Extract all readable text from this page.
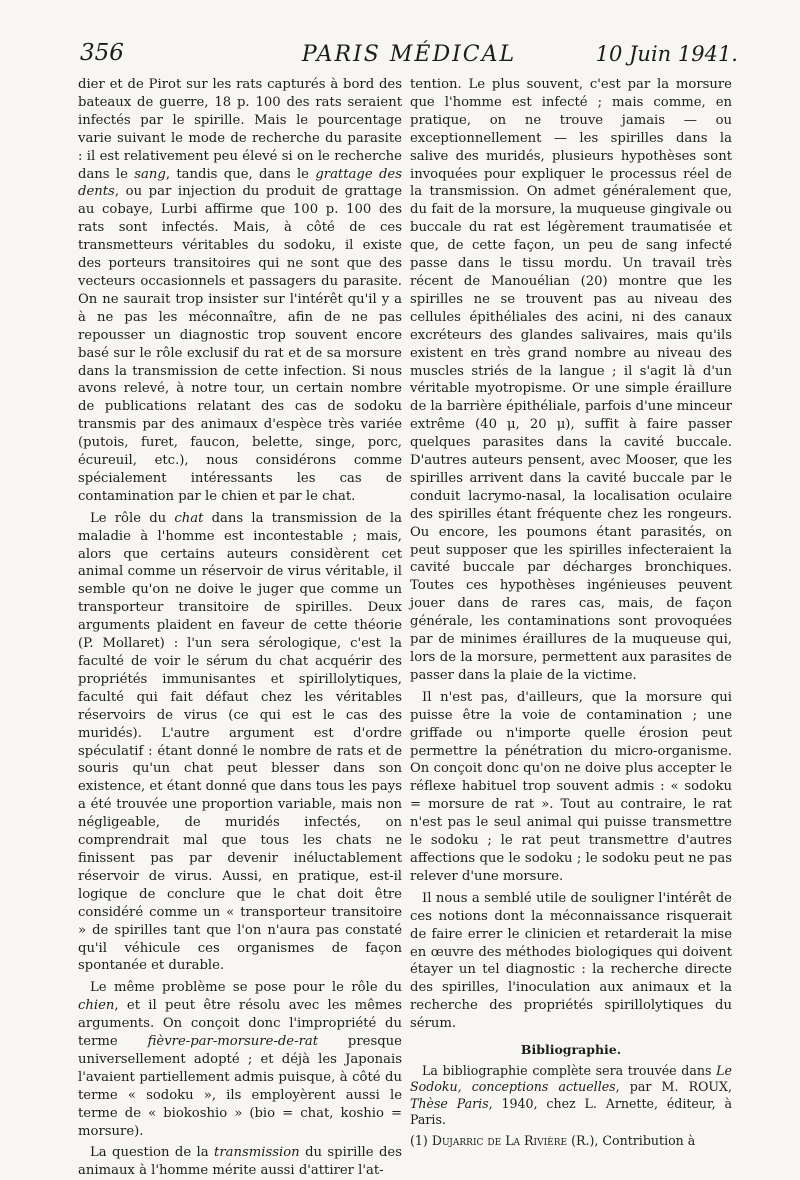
356	PARIS MÉDICAL	10 Juin 1941.

dier et de Pirot sur les rats capturés à bord des bateaux de guerre, 18 p. 100 des rats seraient infectés par le spirille. Mais le pourcentage varie suivant le mode de recherche du parasite : il est relativement peu élevé si on le recherche dans le sang, tandis que, dans le grattage des dents, ou par injection du produit de grattage au cobaye, Lurbi affirme que 100 p. 100 des rats sont infectés. Mais, à côté de ces transmetteurs véritables du sodoku, il existe des porteurs transitoires qui ne sont que des vecteurs occasionnels et passagers du parasite. On ne saurait trop insister sur l'intérêt qu'il y a à ne pas les méconnaître, afin de ne pas repousser un diagnostic trop souvent encore basé sur le rôle exclusif du rat et de sa morsure dans la transmission de cette infection. Si nous avons relevé, à notre tour, un certain nombre de publications relatant des cas de sodoku transmis par des animaux d'espèce très variée (putois, furet, faucon, belette, singe, porc, écureuil, etc.), nous considérons comme spécialement intéressants les cas de contamination par le chien et par le chat.

Le rôle du chat dans la transmission de la maladie à l'homme est incontestable ; mais, alors que certains auteurs considèrent cet animal comme un réservoir de virus véritable, il semble qu'on ne doive le juger que comme un transporteur transitoire de spirilles. Deux arguments plaident en faveur de cette théorie (P. Mollaret) : l'un sera sérologique, c'est la faculté de voir le sérum du chat acquérir des propriétés immunisantes et spirillolytiques, faculté qui fait défaut chez les véritables réservoirs de virus (ce qui est le cas des muridés). L'autre argument est d'ordre spéculatif : étant donné le nombre de rats et de souris qu'un chat peut blesser dans son existence, et étant donné que dans tous les pays a été trouvée une proportion variable, mais non négligeable, de muridés infectés, on comprendrait mal que tous les chats ne finissent pas par devenir inéluctablement réservoir de virus. Aussi, en pratique, est-il logique de conclure que le chat doit être considéré comme un « transporteur transitoire » de spirilles tant que l'on n'aura pas constaté qu'il véhicule ces organismes de façon spontanée et durable.

Le même problème se pose pour le rôle du chien, et il peut être résolu avec les mêmes arguments. On conçoit donc l'impropriété du terme fièvre-par-morsure-de-rat presque universellement adopté ; et déjà les Japonais l'avaient partiellement admis puisque, à côté du terme « sodoku », ils employèrent aussi le terme de « biokoshio » (bio = chat, koshio = morsure).

La question de la transmission du spirille des animaux à l'homme mérite aussi d'attirer l'at-

tention. Le plus souvent, c'est par la morsure que l'homme est infecté ; mais comme, en pratique, on ne trouve jamais — ou exceptionnellement — les spirilles dans la salive des muridés, plusieurs hypothèses sont invoquées pour expliquer le processus réel de la transmission. On admet généralement que, du fait de la morsure, la muqueuse gingivale ou buccale du rat est légèrement traumatisée et que, de cette façon, un peu de sang infecté passe dans le tissu mordu. Un travail très récent de Manouélian (20) montre que les spirilles ne se trouvent pas au niveau des cellules épithéliales des acini, ni des canaux excréteurs des glandes salivaires, mais qu'ils existent en très grand nombre au niveau des muscles striés de la langue ; il s'agit là d'un véritable myotropisme. Or une simple éraillure de la barrière épithéliale, parfois d'une minceur extrême (40 μ, 20 μ), suffit à faire passer quelques parasites dans la cavité buccale. D'autres auteurs pensent, avec Mooser, que les spirilles arrivent dans la cavité buccale par le conduit lacrymo-nasal, la localisation oculaire des spirilles étant fréquente chez les rongeurs. Ou encore, les poumons étant parasités, on peut supposer que les spirilles infecteraient la cavité buccale par décharges bronchiques. Toutes ces hypothèses ingénieuses peuvent jouer dans de rares cas, mais, de façon générale, les contaminations sont provoquées par de minimes éraillures de la muqueuse qui, lors de la morsure, permettent aux parasites de passer dans la plaie de la victime.

Il n'est pas, d'ailleurs, que la morsure qui puisse être la voie de contamination ; une griffade ou n'importe quelle érosion peut permettre la pénétration du micro-organisme. On conçoit donc qu'on ne doive plus accepter le réflexe habituel trop souvent admis : « sodoku = morsure de rat ». Tout au contraire, le rat n'est pas le seul animal qui puisse transmettre le sodoku ; le rat peut transmettre d'autres affections que le sodoku ; le sodoku peut ne pas relever d'une morsure.

Il nous a semblé utile de souligner l'intérêt de ces notions dont la méconnaissance risquerait de faire errer le clinicien et retarderait la mise en œuvre des méthodes biologiques qui doivent étayer un tel diagnostic : la recherche directe des spirilles, l'inoculation aux animaux et la recherche des propriétés spirillolytiques du sérum.

Bibliographie.

La bibliographie complète sera trouvée dans Le Sodoku, conceptions actuelles, par M. ROUX, Thèse Paris, 1940, chez L. Arnette, éditeur, à Paris.

(1) Dujarric de La Rivière (R.), Contribution à
